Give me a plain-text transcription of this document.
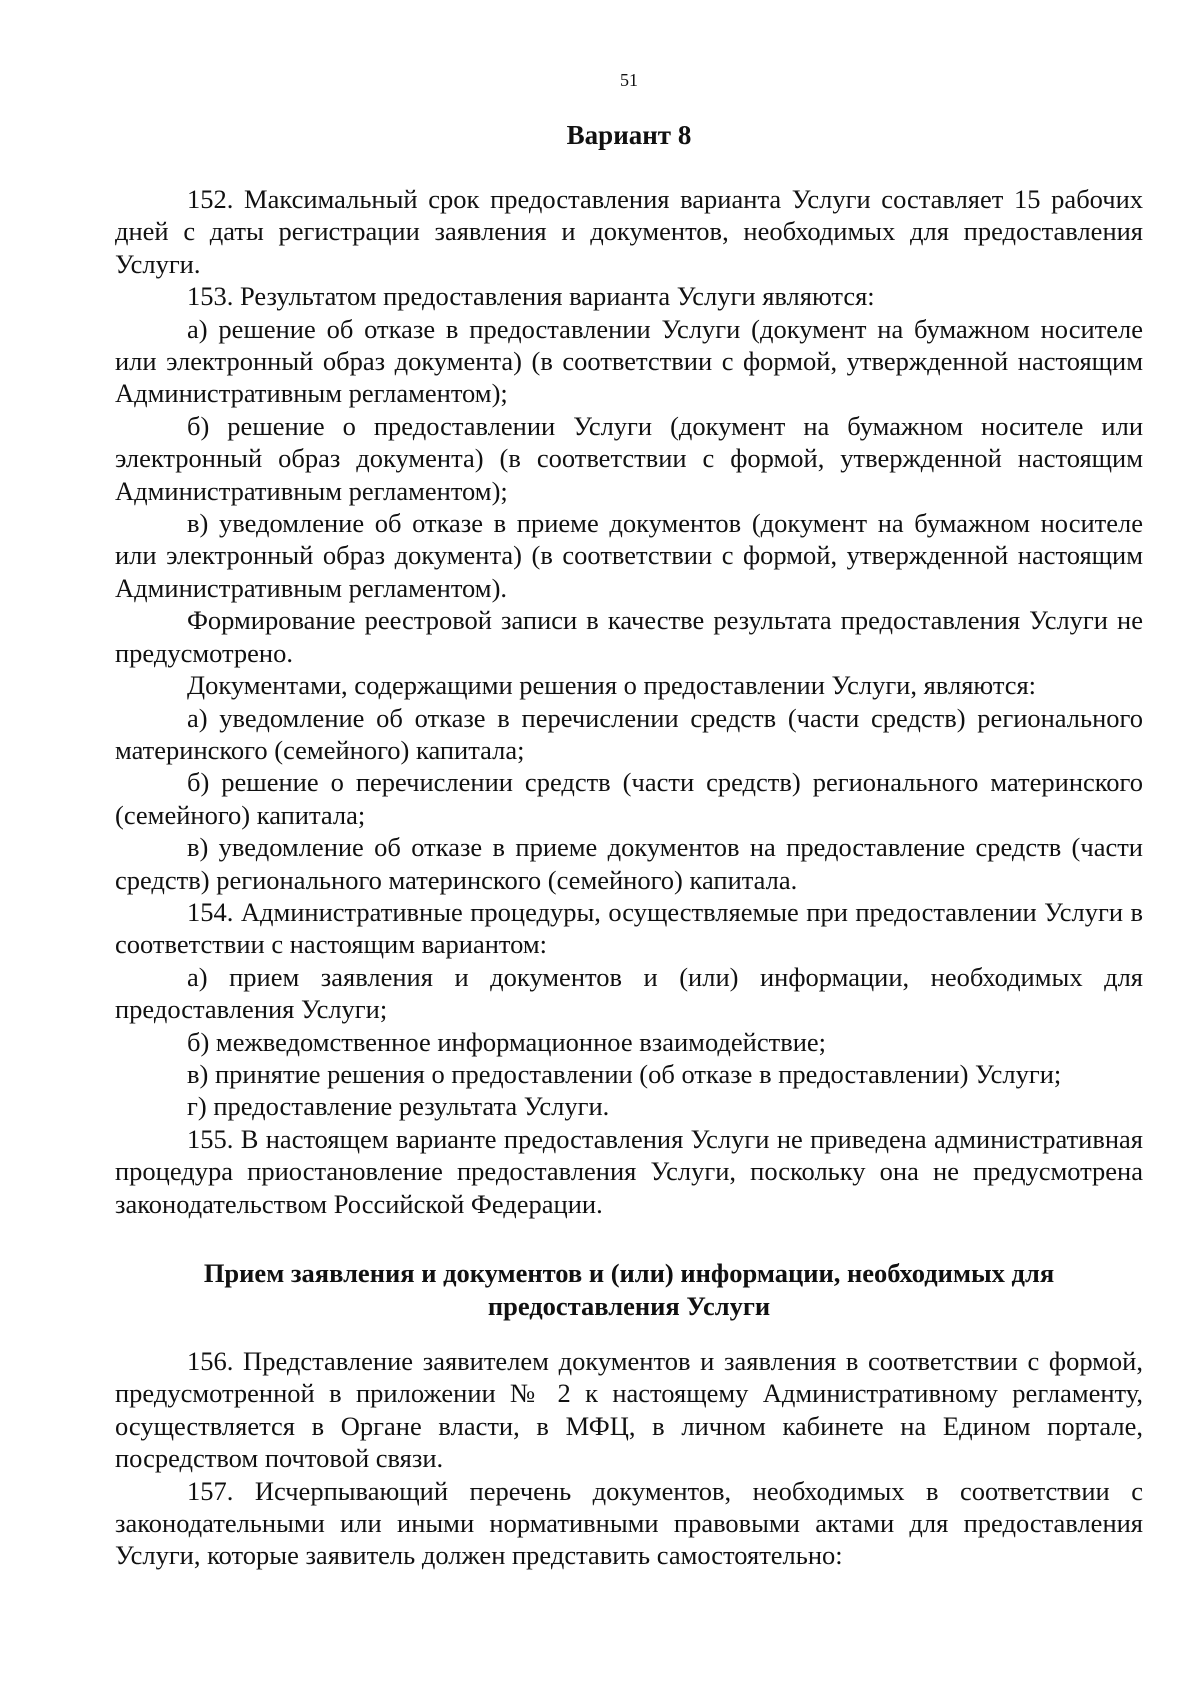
51
Вариант 8

152. Максимальный срок предоставления варианта Услуги составляет 15 рабочих дней с даты регистрации заявления и документов, необходимых для предоставления Услуги.

153. Результатом предоставления варианта Услуги являются:

а) решение об отказе в предоставлении Услуги (документ на бумажном носителе или электронный образ документа) (в соответствии с формой, утвержденной настоящим Административным регламентом);

б) решение о предоставлении Услуги (документ на бумажном носителе или электронный образ документа) (в соответствии с формой, утвержденной настоящим Административным регламентом);

в) уведомление об отказе в приеме документов (документ на бумажном носителе или электронный образ документа) (в соответствии с формой, утвержденной настоящим Административным регламентом).

Формирование реестровой записи в качестве результата предоставления Услуги не предусмотрено.

Документами, содержащими решения о предоставлении Услуги, являются:

а) уведомление об отказе в перечислении средств (части средств) регионального материнского (семейного) капитала;

б) решение о перечислении средств (части средств) регионального материнского (семейного) капитала;

в) уведомление об отказе в приеме документов на предоставление средств (части средств) регионального материнского (семейного) капитала.

154. Административные процедуры, осуществляемые при предоставлении Услуги в соответствии с настоящим вариантом:

а) прием заявления и документов и (или) информации, необходимых для предоставления Услуги;

б) межведомственное информационное взаимодействие;

в) принятие решения о предоставлении (об отказе в предоставлении) Услуги;

г) предоставление результата Услуги.

155. В настоящем варианте предоставления Услуги не приведена административная процедура приостановление предоставления Услуги, поскольку она не предусмотрена законодательством Российской Федерации.

Прием заявления и документов и (или) информации, необходимых для
предоставления Услуги

156. Представление заявителем документов и заявления в соответствии с формой, предусмотренной в приложении № 2 к настоящему Административному регламенту, осуществляется в Органе власти, в МФЦ, в личном кабинете на Едином портале, посредством почтовой связи.

157. Исчерпывающий перечень документов, необходимых в соответствии с законодательными или иными нормативными правовыми актами для предоставления Услуги, которые заявитель должен представить самостоятельно:
